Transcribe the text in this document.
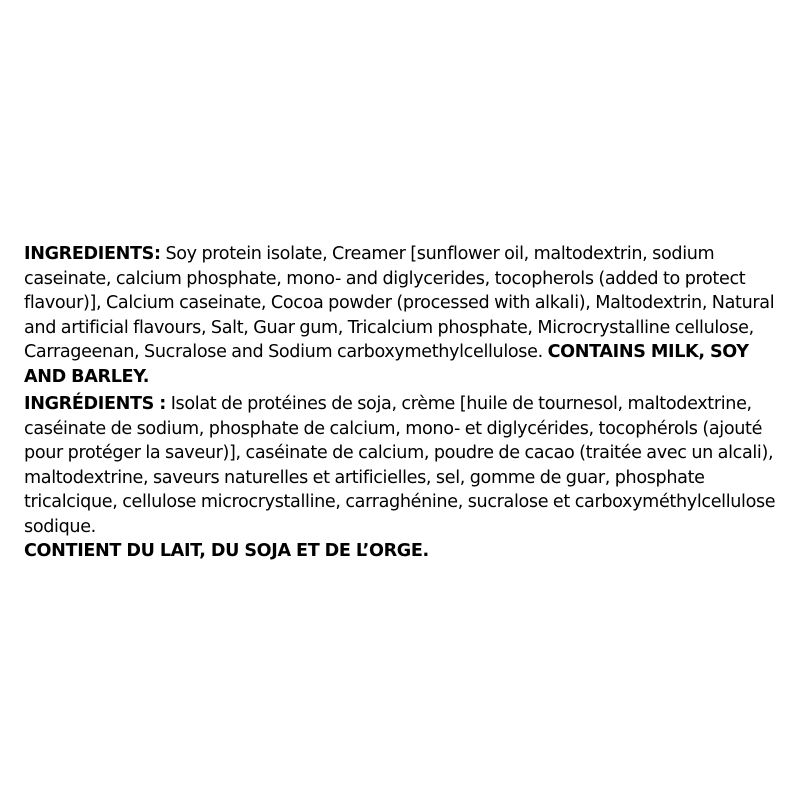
INGREDIENTS: Soy protein isolate, Creamer [sunflower oil, maltodextrin, sodium caseinate, calcium phosphate, mono- and diglycerides, tocopherols (added to protect flavour)], Calcium caseinate, Cocoa powder (processed with alkali), Maltodextrin, Natural and artificial flavours, Salt, Guar gum, Tricalcium phosphate, Microcrystalline cellulose, Carrageenan, Sucralose and Sodium carboxymethylcellulose. CONTAINS MILK, SOY AND BARLEY.

INGRÉDIENTS : Isolat de protéines de soja, crème [huile de tournesol, maltodextrine, caséinate de sodium, phosphate de calcium, mono- et diglycérides, tocophérols (ajouté pour protéger la saveur)], caséinate de calcium, poudre de cacao (traitée avec un alcali), maltodextrine, saveurs naturelles et artificielles, sel, gomme de guar, phosphate tricalcique, cellulose microcrystalline, carraghénine, sucralose et carboxyméthylcellulose sodique.
CONTIENT DU LAIT, DU SOJA ET DE L’ORGE.
